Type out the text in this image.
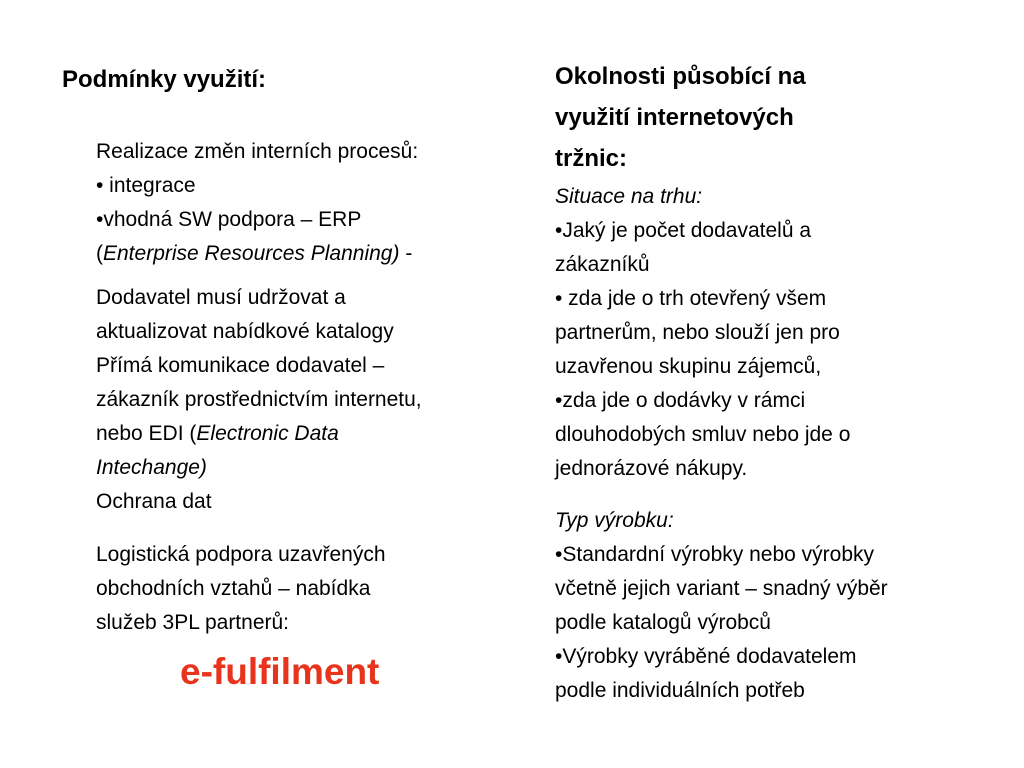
Podmínky využití:	Okolnosti působící na
využití internetových
tržnic:

Realizace změn interních procesů:

• integrace

•vhodná SW podpora – ERP

(Enterprise Resources Planning) -

Dodavatel musí udržovat a

aktualizovat nabídkové katalogy

Přímá komunikace dodavatel –

zákazník prostřednictvím internetu,

nebo EDI (Electronic Data

Intechange)

Ochrana dat

Logistická podpora uzavřených

obchodních vztahů – nabídka

služeb 3PL partnerů:

e-fulfilment

Situace na trhu:

•Jaký je počet dodavatelů a

zákazníků

• zda jde o trh otevřený všem

partnerům, nebo slouží jen pro

uzavřenou skupinu zájemců,

•zda jde o dodávky v rámci

dlouhodobých smluv nebo jde o

jednorázové nákupy.

Typ výrobku:

•Standardní výrobky nebo výrobky

včetně jejich variant – snadný výběr

podle katalogů výrobců

•Výrobky vyráběné dodavatelem

podle individuálních potřeb
